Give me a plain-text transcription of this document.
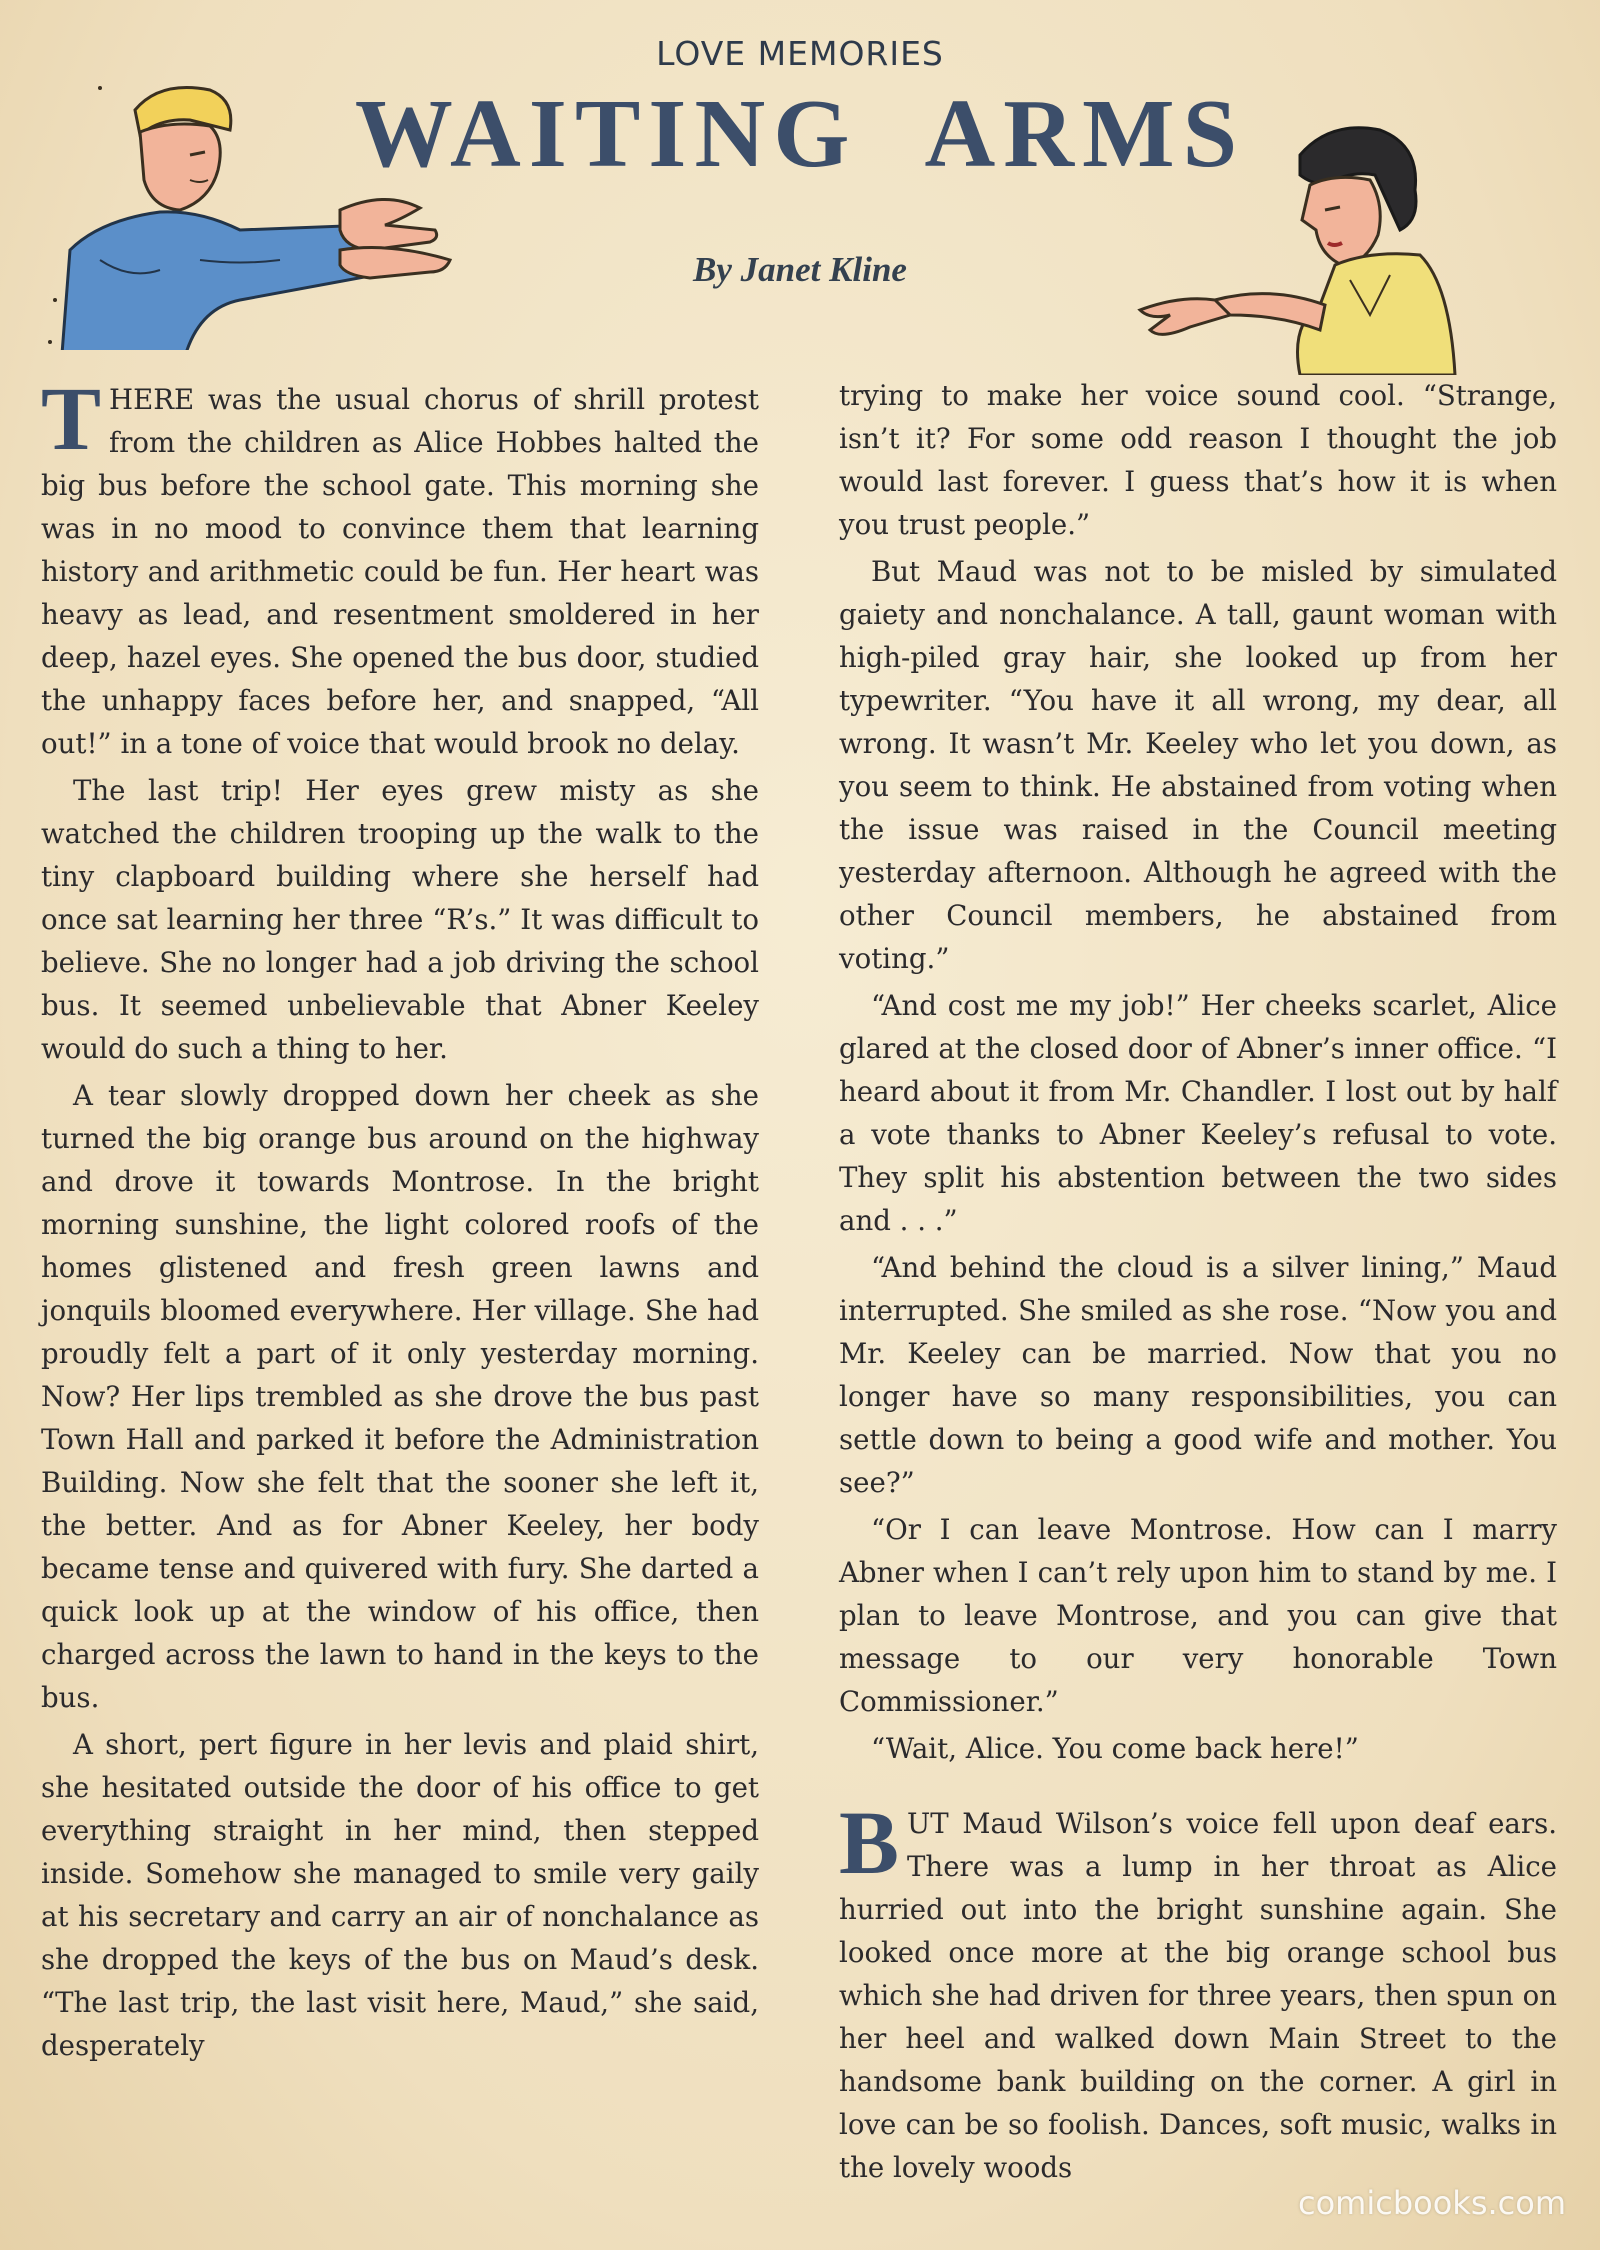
LOVE MEMORIES
WAITING ARMS
By Janet Kline

THERE was the usual chorus of shrill protest from the children as Alice Hobbes halted the big bus before the school gate. This morning she was in no mood to convince them that learning history and arithmetic could be fun. Her heart was heavy as lead, and resentment smoldered in her deep, hazel eyes. She opened the bus door, studied the unhappy faces before her, and snapped, “All out!” in a tone of voice that would brook no delay.

The last trip! Her eyes grew misty as she watched the children trooping up the walk to the tiny clapboard building where she herself had once sat learning her three “R’s.” It was difficult to believe. She no longer had a job driving the school bus. It seemed unbelievable that Abner Keeley would do such a thing to her.

A tear slowly dropped down her cheek as she turned the big orange bus around on the highway and drove it towards Montrose. In the bright morning sunshine, the light colored roofs of the homes glistened and fresh green lawns and jonquils bloomed everywhere. Her village. She had proudly felt a part of it only yesterday morning. Now? Her lips trembled as she drove the bus past Town Hall and parked it before the Administration Building. Now she felt that the sooner she left it, the better. And as for Abner Keeley, her body became tense and quivered with fury. She darted a quick look up at the window of his office, then charged across the lawn to hand in the keys to the bus.

A short, pert figure in her levis and plaid shirt, she hesitated outside the door of his office to get everything straight in her mind, then stepped inside. Somehow she managed to smile very gaily at his secretary and carry an air of nonchalance as she dropped the keys of the bus on Maud’s desk. “The last trip, the last visit here, Maud,” she said, desperately

trying to make her voice sound cool. “Strange, isn’t it? For some odd reason I thought the job would last forever. I guess that’s how it is when you trust people.”

But Maud was not to be misled by simulated gaiety and nonchalance. A tall, gaunt woman with high-piled gray hair, she looked up from her typewriter. “You have it all wrong, my dear, all wrong. It wasn’t Mr. Keeley who let you down, as you seem to think. He abstained from voting when the issue was raised in the Council meeting yesterday afternoon. Although he agreed with the other Council members, he abstained from voting.”

“And cost me my job!” Her cheeks scarlet, Alice glared at the closed door of Abner’s inner office. “I heard about it from Mr. Chandler. I lost out by half a vote thanks to Abner Keeley’s refusal to vote. They split his abstention between the two sides and . . .”

“And behind the cloud is a silver lining,” Maud interrupted. She smiled as she rose. “Now you and Mr. Keeley can be married. Now that you no longer have so many responsibilities, you can settle down to being a good wife and mother. You see?”

“Or I can leave Montrose. How can I marry Abner when I can’t rely upon him to stand by me. I plan to leave Montrose, and you can give that message to our very honorable Town Commissioner.”

“Wait, Alice. You come back here!”

BUT Maud Wilson’s voice fell upon deaf ears. There was a lump in her throat as Alice hurried out into the bright sunshine again. She looked once more at the big orange school bus which she had driven for three years, then spun on her heel and walked down Main Street to the handsome bank building on the corner. A girl in love can be so foolish. Dances, soft music, walks in the lovely woods

comicbooks.com
